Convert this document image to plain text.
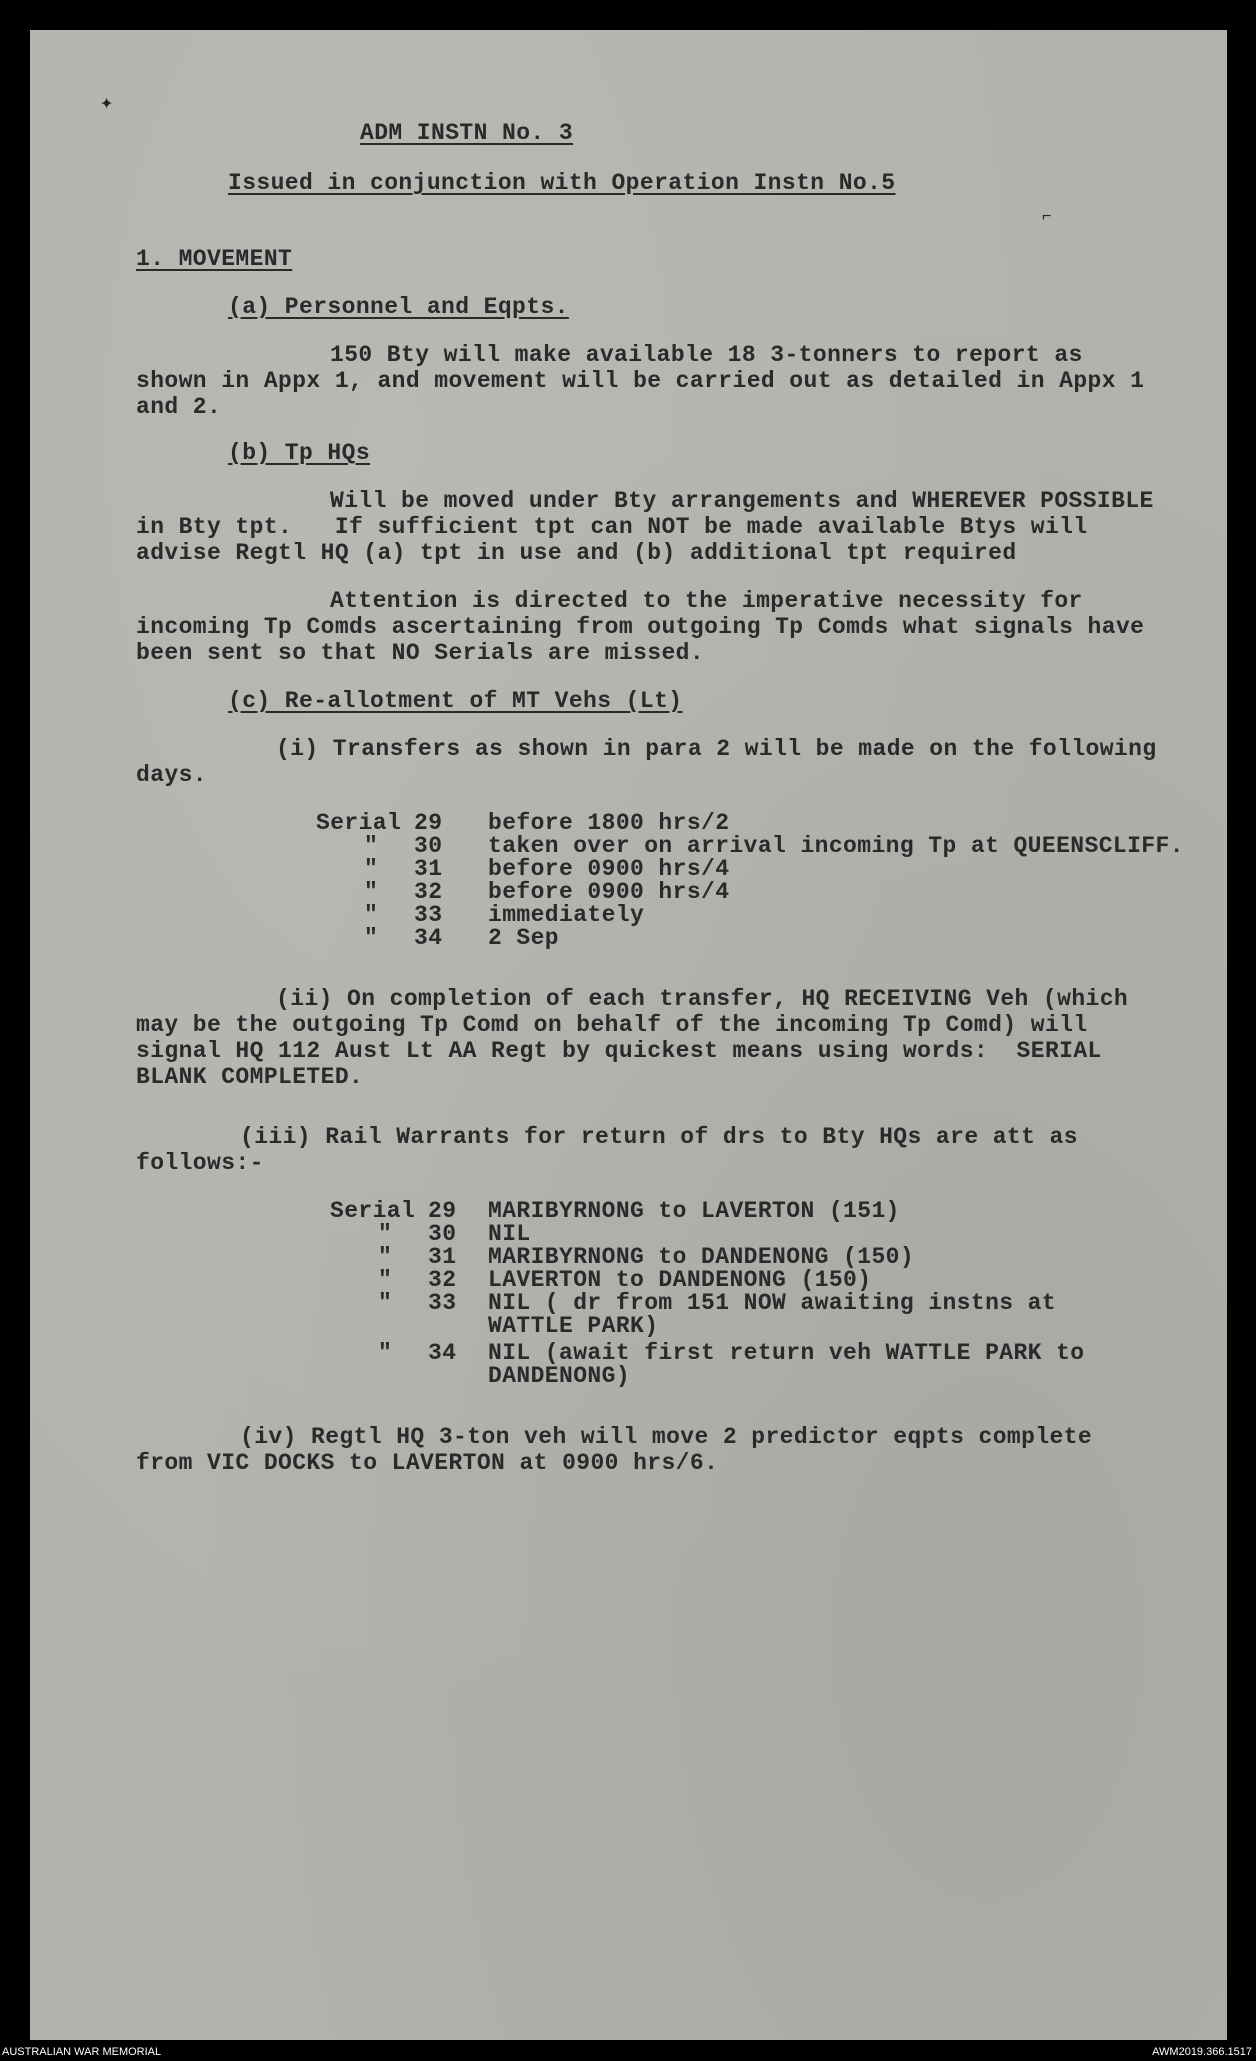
✦
⌐
ADM INSTN No. 3
Issued in conjunction with Operation Instn No.5
1. MOVEMENT
(a) Personnel and Eqpts.
150 Bty will make available 18 3-tonners to report as
shown in Appx 1, and movement will be carried out as detailed in Appx 1
and 2.
(b) Tp HQs
Will be moved under Bty arrangements and WHEREVER POSSIBLE
in Bty tpt.   If sufficient tpt can NOT be made available Btys will
advise Regtl HQ (a) tpt in use and (b) additional tpt required
Attention is directed to the imperative necessity for
incoming Tp Comds ascertaining from outgoing Tp Comds what signals have
been sent so that NO Serials are missed.
(c) Re-allotment of MT Vehs (Lt)
(i) Transfers as shown in para 2 will be made on the following
days.
Serial 29 before 1800 hrs/2
" 30 taken over on arrival incoming Tp at QUEENSCLIFF.
" 31 before 0900 hrs/4
" 32 before 0900 hrs/4
" 33 immediately
" 34 2 Sep
(ii) On completion of each transfer, HQ RECEIVING Veh (which
may be the outgoing Tp Comd on behalf of the incoming Tp Comd) will
signal HQ 112 Aust Lt AA Regt by quickest means using words:  SERIAL
BLANK COMPLETED.
(iii) Rail Warrants for return of drs to Bty HQs are att as
follows:-
Serial 29 MARIBYRNONG to LAVERTON (151)
" 30 NIL
" 31 MARIBYRNONG to DANDENONG (150)
" 32 LAVERTON to DANDENONG (150)
" 33 NIL ( dr from 151 NOW awaiting instns at
WATTLE PARK)
" 34 NIL (await first return veh WATTLE PARK to
DANDENONG)
(iv) Regtl HQ 3-ton veh will move 2 predictor eqpts complete
from VIC DOCKS to LAVERTON at 0900 hrs/6.
AUSTRALIAN WAR MEMORIAL	AWM2019.366.1517
